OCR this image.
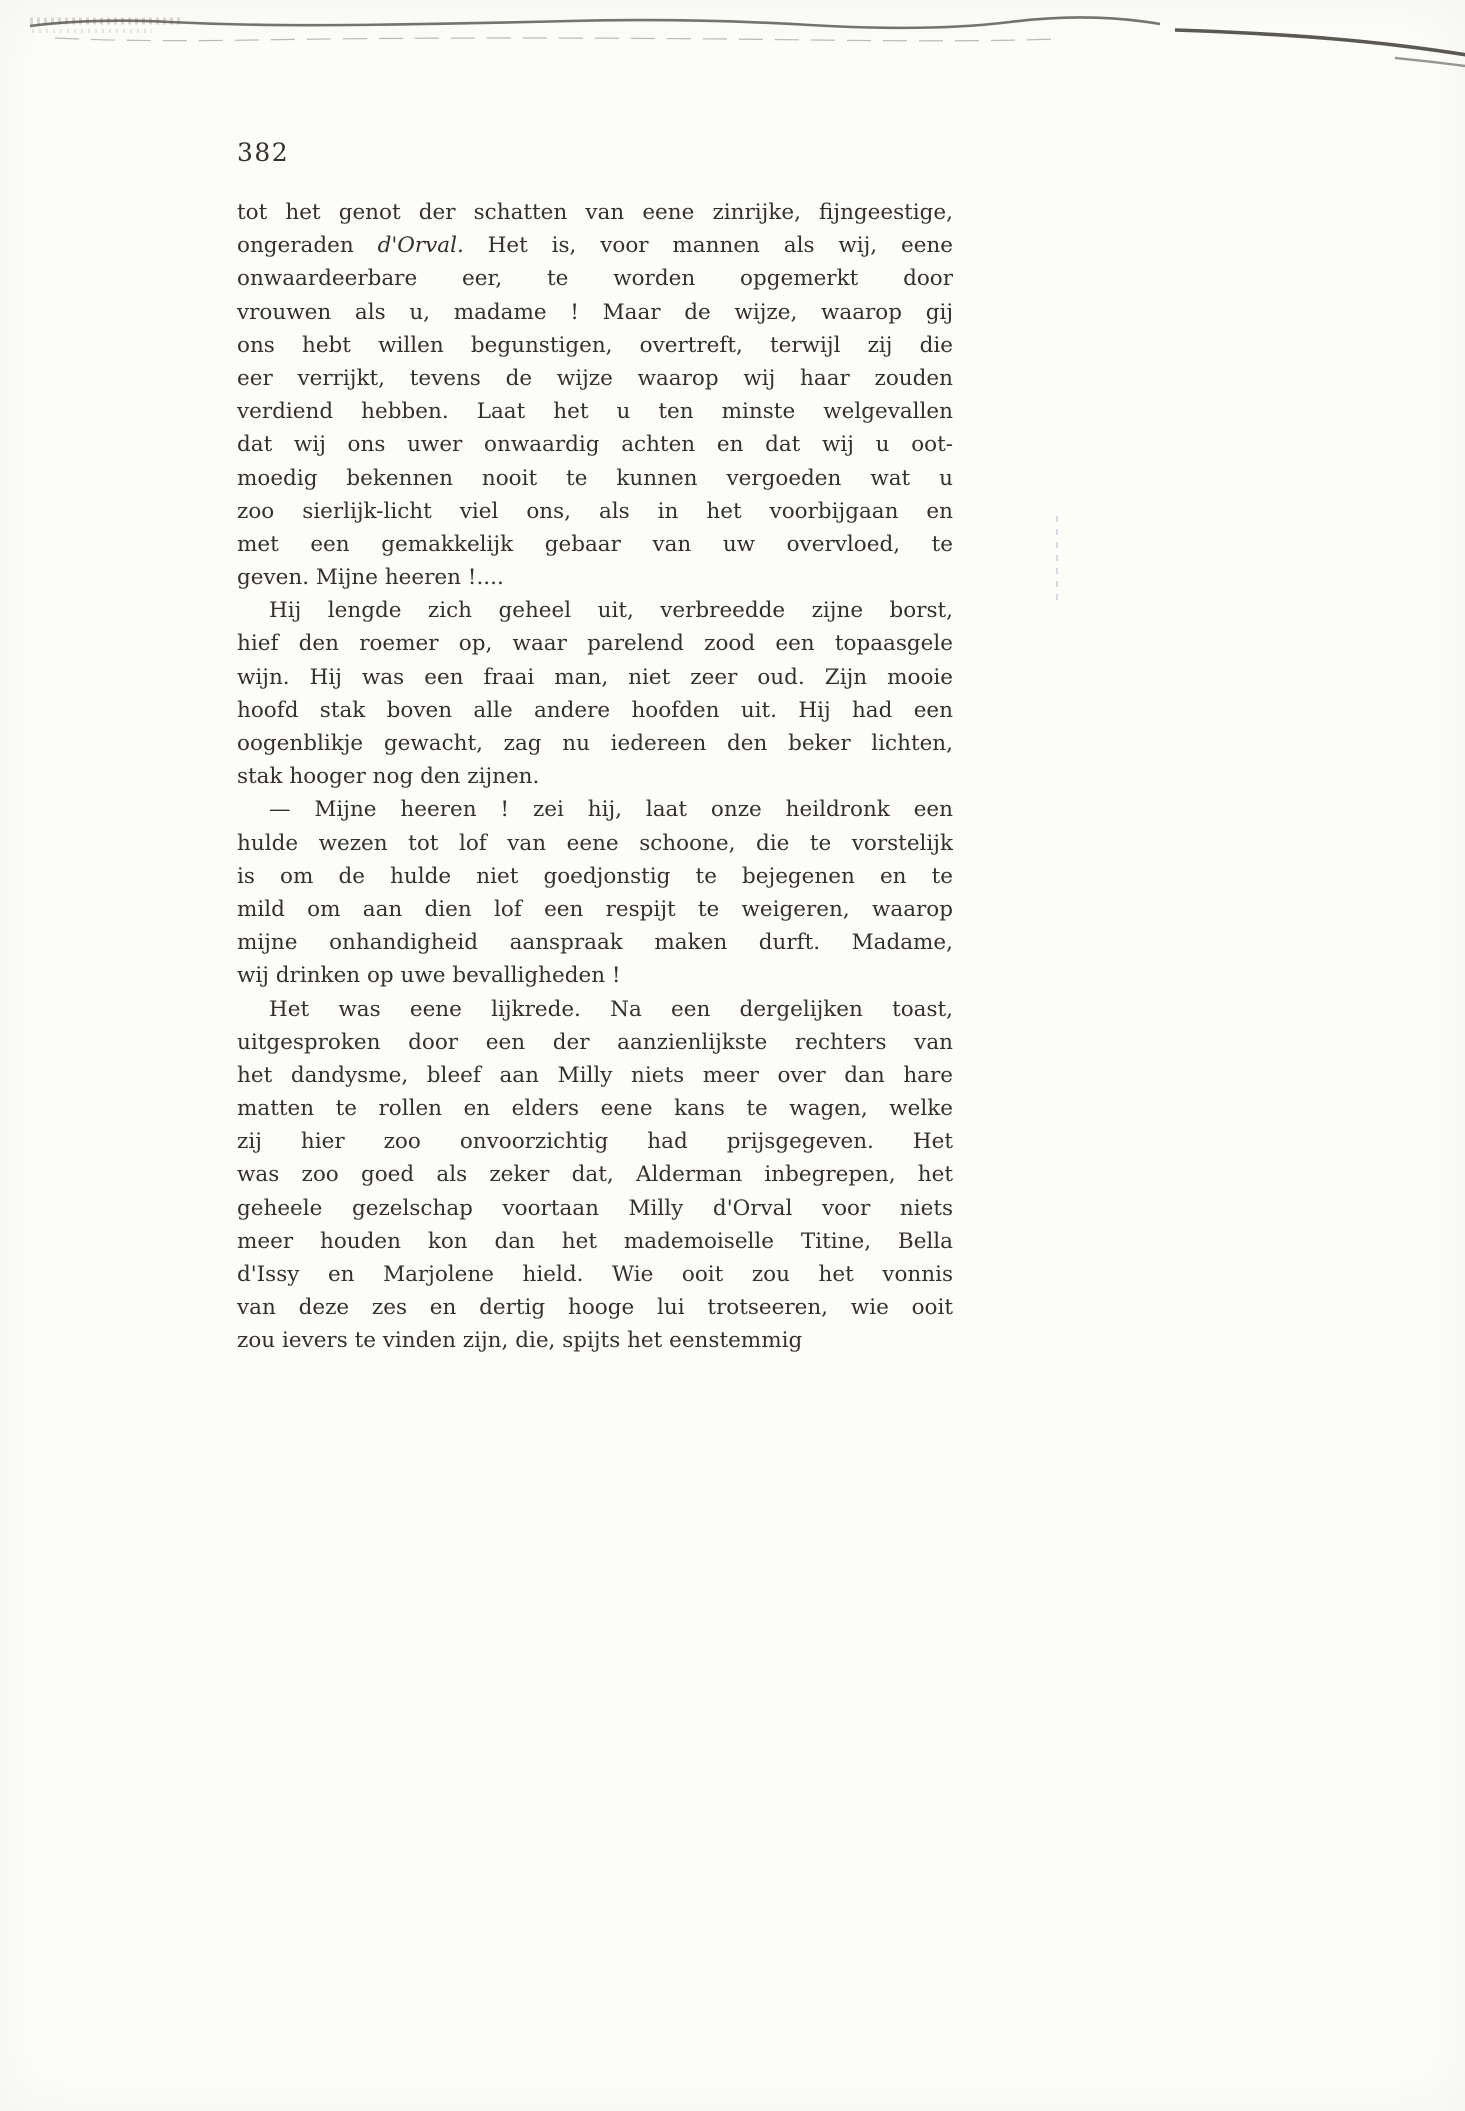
382
tot het genot der schatten van eene zinrijke, fijngeestige,
ongeraden d'Orval. Het is, voor mannen als wij, eene
onwaardeerbare eer, te worden opgemerkt door
vrouwen als u, madame ! Maar de wijze, waarop gij
ons hebt willen begunstigen, overtreft, terwijl zij die
eer verrijkt, tevens de wijze waarop wij haar zouden
verdiend hebben. Laat het u ten minste welgevallen
dat wij ons uwer onwaardig achten en dat wij u oot-
moedig bekennen nooit te kunnen vergoeden wat u
zoo sierlijk-licht viel ons, als in het voorbijgaan en
met een gemakkelijk gebaar van uw overvloed, te
geven. Mijne heeren !....
Hij lengde zich geheel uit, verbreedde zijne borst,
hief den roemer op, waar parelend zood een topaasgele
wijn. Hij was een fraai man, niet zeer oud. Zijn mooie
hoofd stak boven alle andere hoofden uit. Hij had een
oogenblikje gewacht, zag nu iedereen den beker lichten,
stak hooger nog den zijnen.
— Mijne heeren ! zei hij, laat onze heildronk een
hulde wezen tot lof van eene schoone, die te vorstelijk
is om de hulde niet goedjonstig te bejegenen en te
mild om aan dien lof een respijt te weigeren, waarop
mijne onhandigheid aanspraak maken durft. Madame,
wij drinken op uwe bevalligheden !
Het was eene lijkrede. Na een dergelijken toast,
uitgesproken door een der aanzienlijkste rechters van
het dandysme, bleef aan Milly niets meer over dan hare
matten te rollen en elders eene kans te wagen, welke
zij hier zoo onvoorzichtig had prijsgegeven. Het
was zoo goed als zeker dat, Alderman inbegrepen, het
geheele gezelschap voortaan Milly d'Orval voor niets
meer houden kon dan het mademoiselle Titine, Bella
d'Issy en Marjolene hield. Wie ooit zou het vonnis
van deze zes en dertig hooge lui trotseeren, wie ooit
zou ievers te vinden zijn, die, spijts het eenstemmig
